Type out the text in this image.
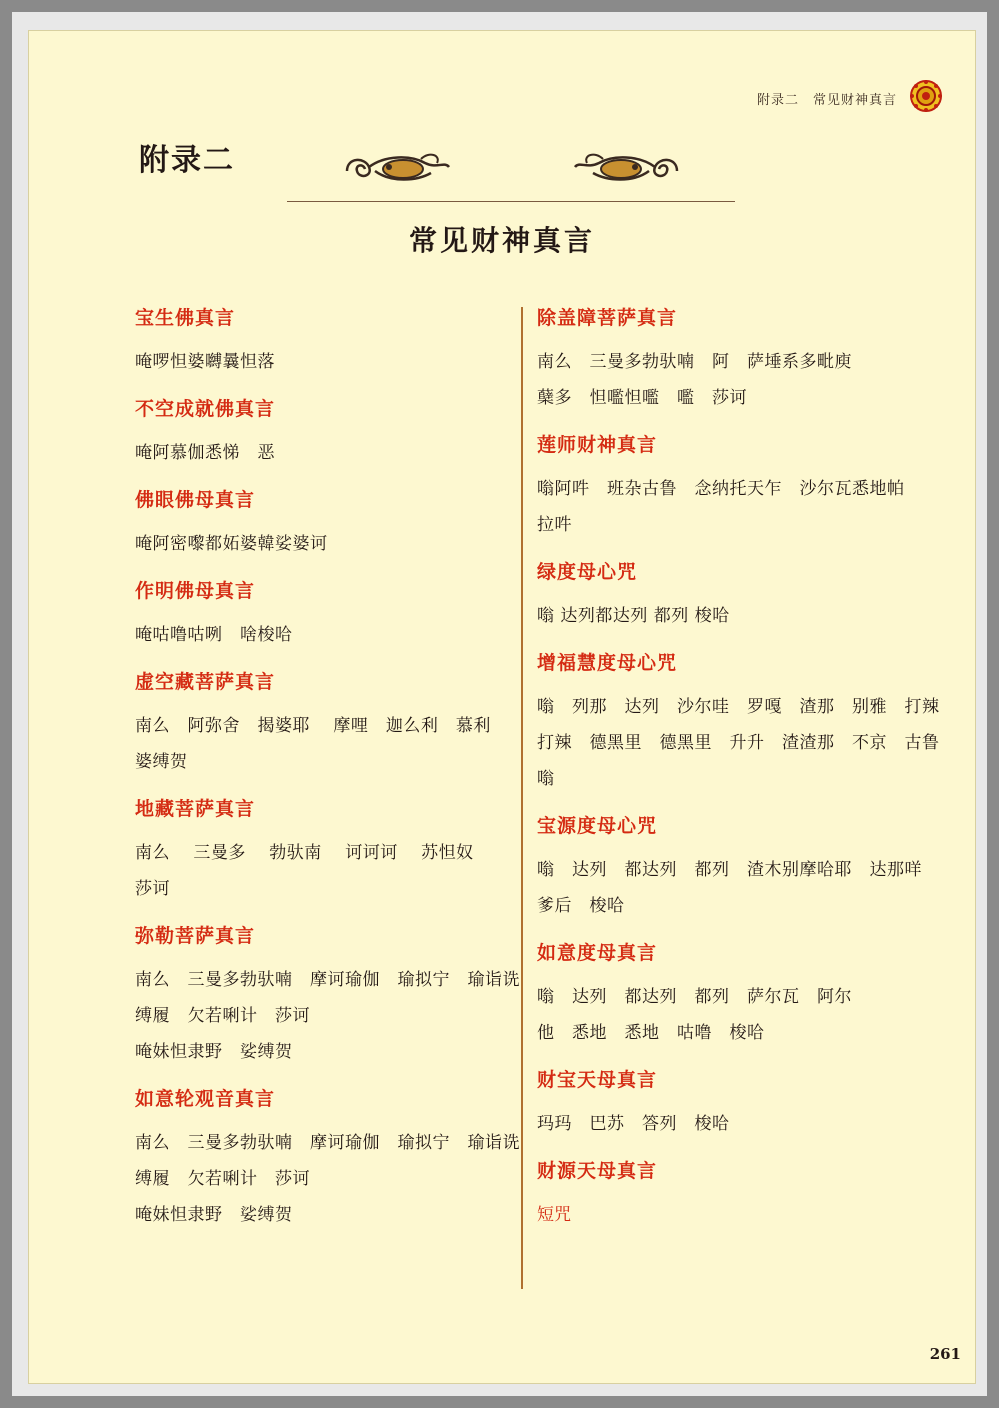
附录二　常见财神真言
附录二
常见财神真言
宝生佛真言
唵啰怛婆嚩曩怛落
不空成就佛真言
唵阿慕伽悉悌　恶
佛眼佛母真言
唵阿密嚟都妬婆韓娑婆诃
作明佛母真言
唵咕噜咕咧　啥梭哈
虚空藏菩萨真言
南么　阿弥舍　揭婆耶　 摩哩　迦么利　慕利
婆缚贺
地藏菩萨真言
南么　 三曼多　 勃驮南　 诃诃诃　 苏怛奴
莎诃
弥勒菩萨真言
南么　三曼多勃驮喃　摩诃瑜伽　瑜拟宁　瑜诣诜
缚履　欠若唎计　莎诃
唵妹怛隶野　娑缚贺
如意轮观音真言
南么　三曼多勃驮喃　摩诃瑜伽　瑜拟宁　瑜诣诜
缚履　欠若唎计　莎诃
唵妹怛隶野　娑缚贺
除盖障菩萨真言
南么　三曼多勃驮喃　阿　萨埵系多毗庾
蘖多　怛嚂怛嚂　嚂　莎诃
莲师财神真言
嗡阿吽　班杂古鲁　念纳托天乍　沙尔瓦悉地帕
拉吽
绿度母心咒
嗡 达列都达列 都列 梭哈
增福慧度母心咒
嗡　列那　达列　沙尔哇　罗嘎　渣那　别雅　打辣
打辣　德黑里　德黑里　升升　渣渣那　不京　古鲁
嗡
宝源度母心咒
嗡　达列　都达列　都列　渣木别摩哈耶　达那咩
爹后　梭哈
如意度母真言
嗡　达列　都达列　都列　萨尔瓦　阿尔
他　悉地　悉地　咕噜　梭哈
财宝天母真言
玛玛　巴苏　答列　梭哈
财源天母真言
短咒
261
